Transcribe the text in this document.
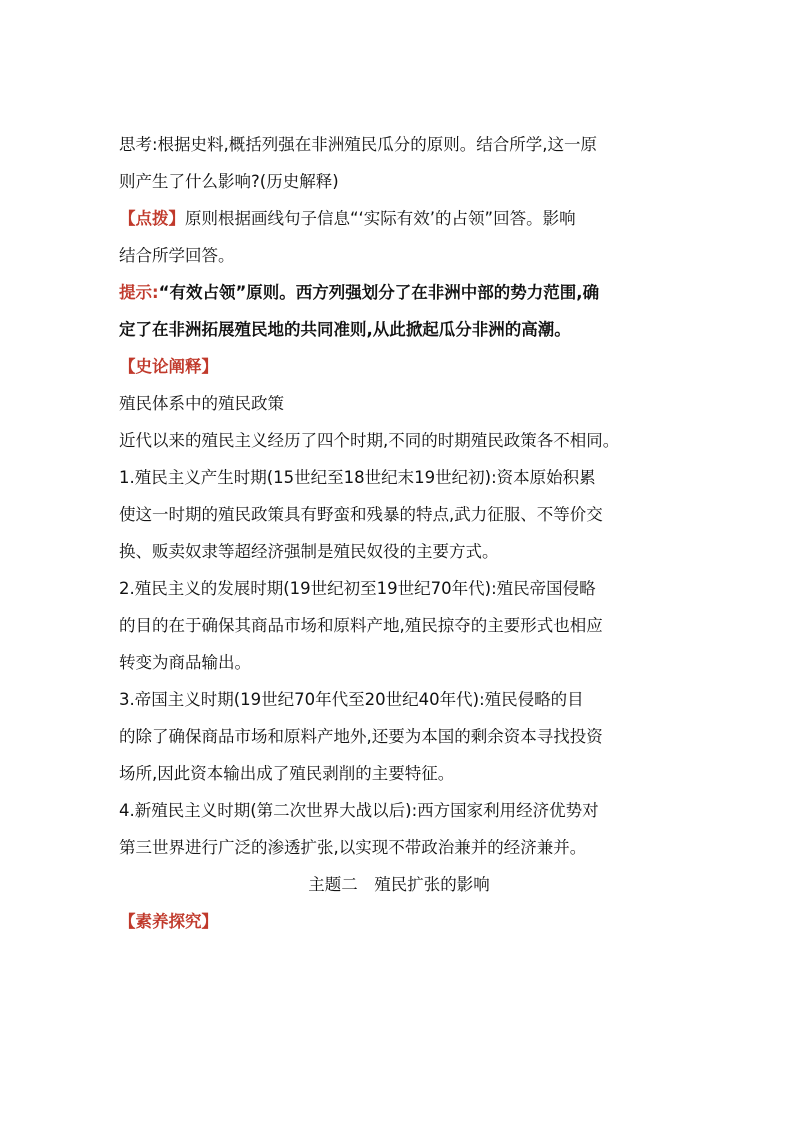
思考:根据史料,概括列强在非洲殖民瓜分的原则。结合所学,这一原
则产生了什么影响?(历史解释)
【点拨】原则根据画线句子信息“‘实际有效’的占领”回答。影响
结合所学回答。
提示:“有效占领”原则。西方列强划分了在非洲中部的势力范围,确
定了在非洲拓展殖民地的共同准则,从此掀起瓜分非洲的高潮。
【史论阐释】
殖民体系中的殖民政策
近代以来的殖民主义经历了四个时期,不同的时期殖民政策各不相同。
1.殖民主义产生时期(15世纪至18世纪末19世纪初):资本原始积累
使这一时期的殖民政策具有野蛮和残暴的特点,武力征服、不等价交
换、贩卖奴隶等超经济强制是殖民奴役的主要方式。
2.殖民主义的发展时期(19世纪初至19世纪70年代):殖民帝国侵略
的目的在于确保其商品市场和原料产地,殖民掠夺的主要形式也相应
转变为商品输出。
3.帝国主义时期(19世纪70年代至20世纪40年代):殖民侵略的目
的除了确保商品市场和原料产地外,还要为本国的剩余资本寻找投资
场所,因此资本输出成了殖民剥削的主要特征。
4.新殖民主义时期(第二次世界大战以后):西方国家利用经济优势对
第三世界进行广泛的渗透扩张,以实现不带政治兼并的经济兼并。
主题二　殖民扩张的影响
【素养探究】
